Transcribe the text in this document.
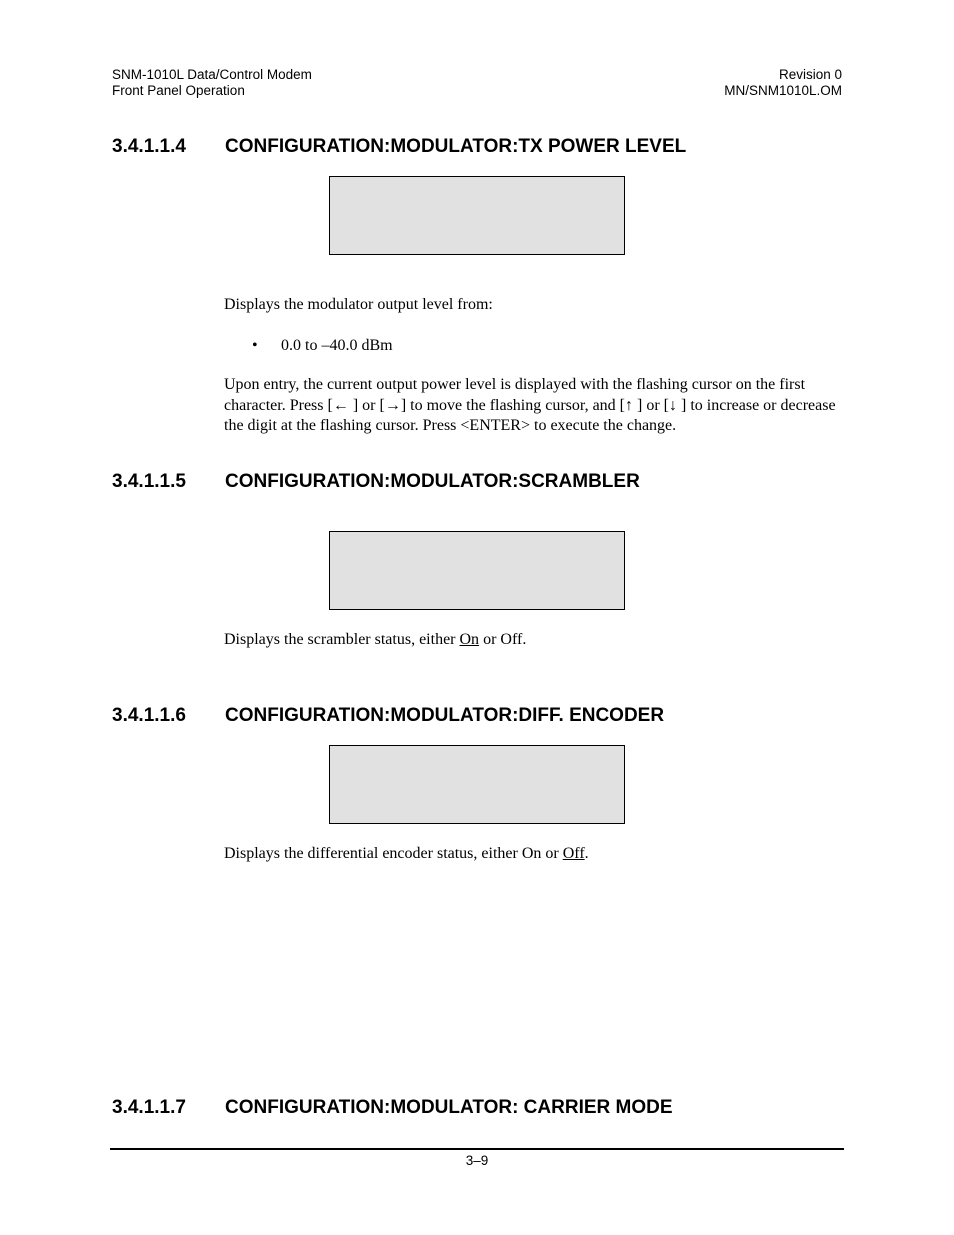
SNM-1010L Data/Control Modem
Front Panel Operation
Revision 0
MN/SNM1010L.OM
3.4.1.1.4 CONFIGURATION:MODULATOR:TX POWER LEVEL
Displays the modulator output level from:
• 0.0 to –40.0 dBm
Upon entry, the current output power level is displayed with the flashing cursor on the first character. Press [← ] or [→] to move the flashing cursor, and [↑ ] or [↓ ] to increase or decrease the digit at the flashing cursor. Press <ENTER> to execute the change.
3.4.1.1.5 CONFIGURATION:MODULATOR:SCRAMBLER
Displays the scrambler status, either On or Off.
3.4.1.1.6 CONFIGURATION:MODULATOR:DIFF. ENCODER
Displays the differential encoder status, either On or Off.
3.4.1.1.7 CONFIGURATION:MODULATOR: CARRIER MODE
3–9
